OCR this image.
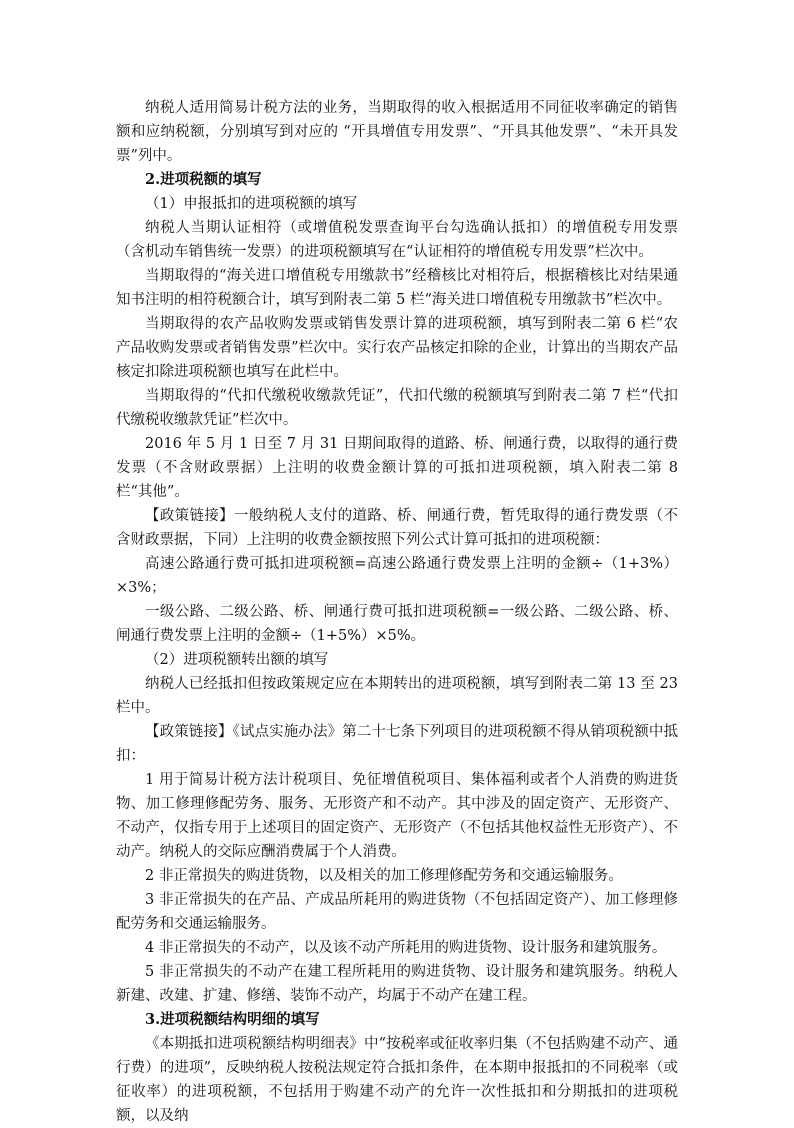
纳税人适用简易计税方法的业务，当期取得的收入根据适用不同征收率确定的销售额和应纳税额，分别填写到对应的 “开具增值专用发票”、“开具其他发票”、“未开具发票”列中。

2.进项税额的填写

（1）申报抵扣的进项税额的填写

纳税人当期认证相符（或增值税发票查询平台勾选确认抵扣）的增值税专用发票（含机动车销售统一发票）的进项税额填写在“认证相符的增值税专用发票”栏次中。

当期取得的“海关进口增值税专用缴款书”经稽核比对相符后，根据稽核比对结果通知书注明的相符税额合计，填写到附表二第 5 栏“海关进口增值税专用缴款书”栏次中。

当期取得的农产品收购发票或销售发票计算的进项税额，填写到附表二第 6 栏“农产品收购发票或者销售发票”栏次中。实行农产品核定扣除的企业，计算出的当期农产品核定扣除进项税额也填写在此栏中。

当期取得的“代扣代缴税收缴款凭证”，代扣代缴的税额填写到附表二第 7 栏“代扣代缴税收缴款凭证”栏次中。

2016 年 5 月 1 日至 7 月 31 日期间取得的道路、桥、闸通行费，以取得的通行费发票（不含财政票据）上注明的收费金额计算的可抵扣进项税额，填入附表二第 8 栏“其他”。

【政策链接】一般纳税人支付的道路、桥、闸通行费，暂凭取得的通行费发票（不含财政票据，下同）上注明的收费金额按照下列公式计算可抵扣的进项税额：

高速公路通行费可抵扣进项税额=高速公路通行费发票上注明的金额÷（1+3%）×3%；

一级公路、二级公路、桥、闸通行费可抵扣进项税额=一级公路、二级公路、桥、闸通行费发票上注明的金额÷（1+5%）×5%。

（2）进项税额转出额的填写

纳税人已经抵扣但按政策规定应在本期转出的进项税额，填写到附表二第 13 至 23 栏中。

【政策链接】《试点实施办法》第二十七条下列项目的进项税额不得从销项税额中抵扣：

1 用于简易计税方法计税项目、免征增值税项目、集体福利或者个人消费的购进货物、加工修理修配劳务、服务、无形资产和不动产。其中涉及的固定资产、无形资产、不动产，仅指专用于上述项目的固定资产、无形资产（不包括其他权益性无形资产）、不动产。纳税人的交际应酬消费属于个人消费。

2 非正常损失的购进货物，以及相关的加工修理修配劳务和交通运输服务。

3 非正常损失的在产品、产成品所耗用的购进货物（不包括固定资产）、加工修理修配劳务和交通运输服务。

4 非正常损失的不动产，以及该不动产所耗用的购进货物、设计服务和建筑服务。

5 非正常损失的不动产在建工程所耗用的购进货物、设计服务和建筑服务。纳税人新建、改建、扩建、修缮、装饰不动产，均属于不动产在建工程。

3.进项税额结构明细的填写

《本期抵扣进项税额结构明细表》中“按税率或征收率归集（不包括购建不动产、通行费）的进项”，反映纳税人按税法规定符合抵扣条件，在本期申报抵扣的不同税率（或征收率）的进项税额，不包括用于购建不动产的允许一次性抵扣和分期抵扣的进项税额，以及纳
